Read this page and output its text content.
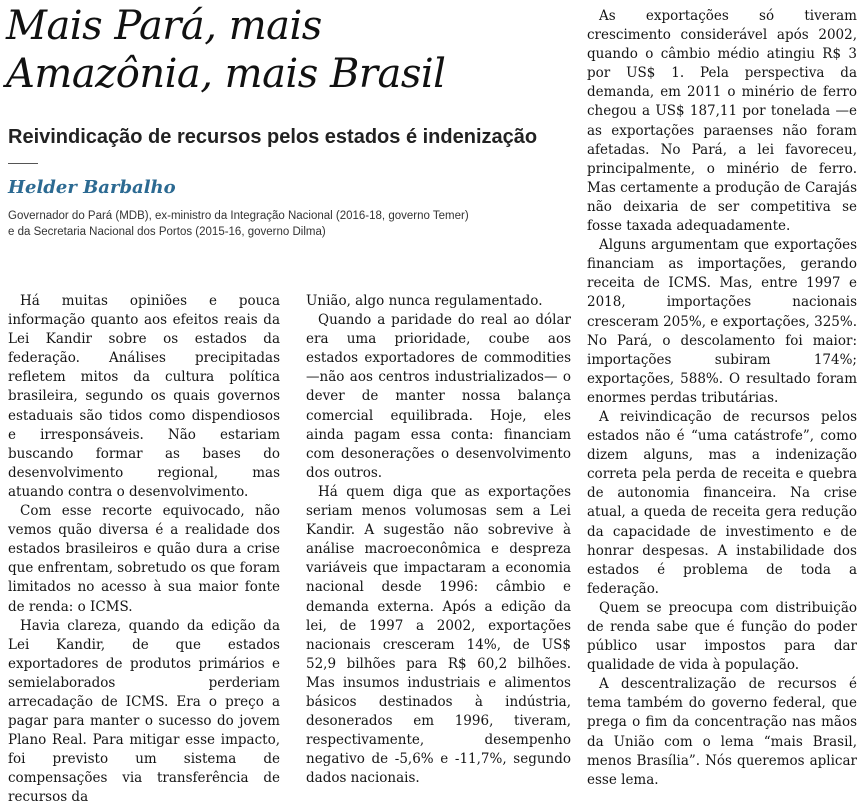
Mais Pará, mais
Amazônia, mais Brasil
Reivindicação de recursos pelos estados é indenização
Helder Barbalho

Governador do Pará (MDB), ex-ministro da Integração Nacional (2016-18, governo Temer)

e da Secretaria Nacional dos Portos (2015-16, governo Dilma)

Há muitas opiniões e pouca informação quanto aos efeitos reais da Lei Kandir sobre os estados da federação. Análises precipitadas refletem mitos da cultura política brasileira, segundo os quais governos estaduais são tidos como dispendiosos e irresponsáveis. Não estariam buscando formar as bases do desenvolvimento regional, mas atuando contra o desenvolvimento.

Com esse recorte equivocado, não vemos quão diversa é a realidade dos estados brasileiros e quão dura a crise que enfrentam, sobretudo os que foram limitados no acesso à sua maior fonte de renda: o ICMS.

Havia clareza, quando da edição da Lei Kandir, de que estados exportadores de produtos primários e semielaborados perderiam arrecadação de ICMS. Era o preço a pagar para manter o sucesso do jovem Plano Real. Para mitigar esse impacto, foi previsto um sistema de compensações via transferência de recursos da

União, algo nunca regulamentado.

Quando a paridade do real ao dólar era uma prioridade, coube aos estados exportadores de commodities —não aos centros industrializados— o dever de manter nossa balança comercial equilibrada. Hoje, eles ainda pagam essa conta: financiam com desonerações o desenvolvimento dos outros.

Há quem diga que as exportações seriam menos volumosas sem a Lei Kandir. A sugestão não sobrevive à análise macroeconômica e despreza variáveis que impactaram a economia nacional desde 1996: câmbio e demanda externa. Após a edição da lei, de 1997 a 2002, exportações nacionais cresceram 14%, de US$ 52,9 bilhões para R$ 60,2 bilhões. Mas insumos industriais e alimentos básicos destinados à indústria, desonerados em 1996, tiveram, respectivamente, desempenho negativo de -5,6% e -11,7%, segundo dados nacionais.

As exportações só tiveram crescimento considerável após 2002, quando o câmbio médio atingiu R$ 3 por US$ 1. Pela perspectiva da demanda, em 2011 o minério de ferro chegou a US$ 187,11 por tonelada —e as exportações paraenses não foram afetadas. No Pará, a lei favoreceu, principalmente, o minério de ferro. Mas certamente a produção de Carajás não deixaria de ser competitiva se fosse taxada adequadamente.

Alguns argumentam que exportações financiam as importações, gerando receita de ICMS. Mas, entre 1997 e 2018, importações nacionais cresceram 205%, e exportações, 325%. No Pará, o descolamento foi maior: importações subiram 174%; exportações, 588%. O resultado foram enormes perdas tributárias.

A reivindicação de recursos pelos estados não é “uma catástrofe”, como dizem alguns, mas a indenização correta pela perda de receita e quebra de autonomia financeira. Na crise atual, a queda de receita gera redução da capacidade de investimento e de honrar despesas. A instabilidade dos estados é problema de toda a federação.

Quem se preocupa com distribuição de renda sabe que é função do poder público usar impostos para dar qualidade de vida à população.

A descentralização de recursos é tema também do governo federal, que prega o fim da concentração nas mãos da União com o lema “mais Brasil, menos Brasília”. Nós queremos aplicar esse lema.
